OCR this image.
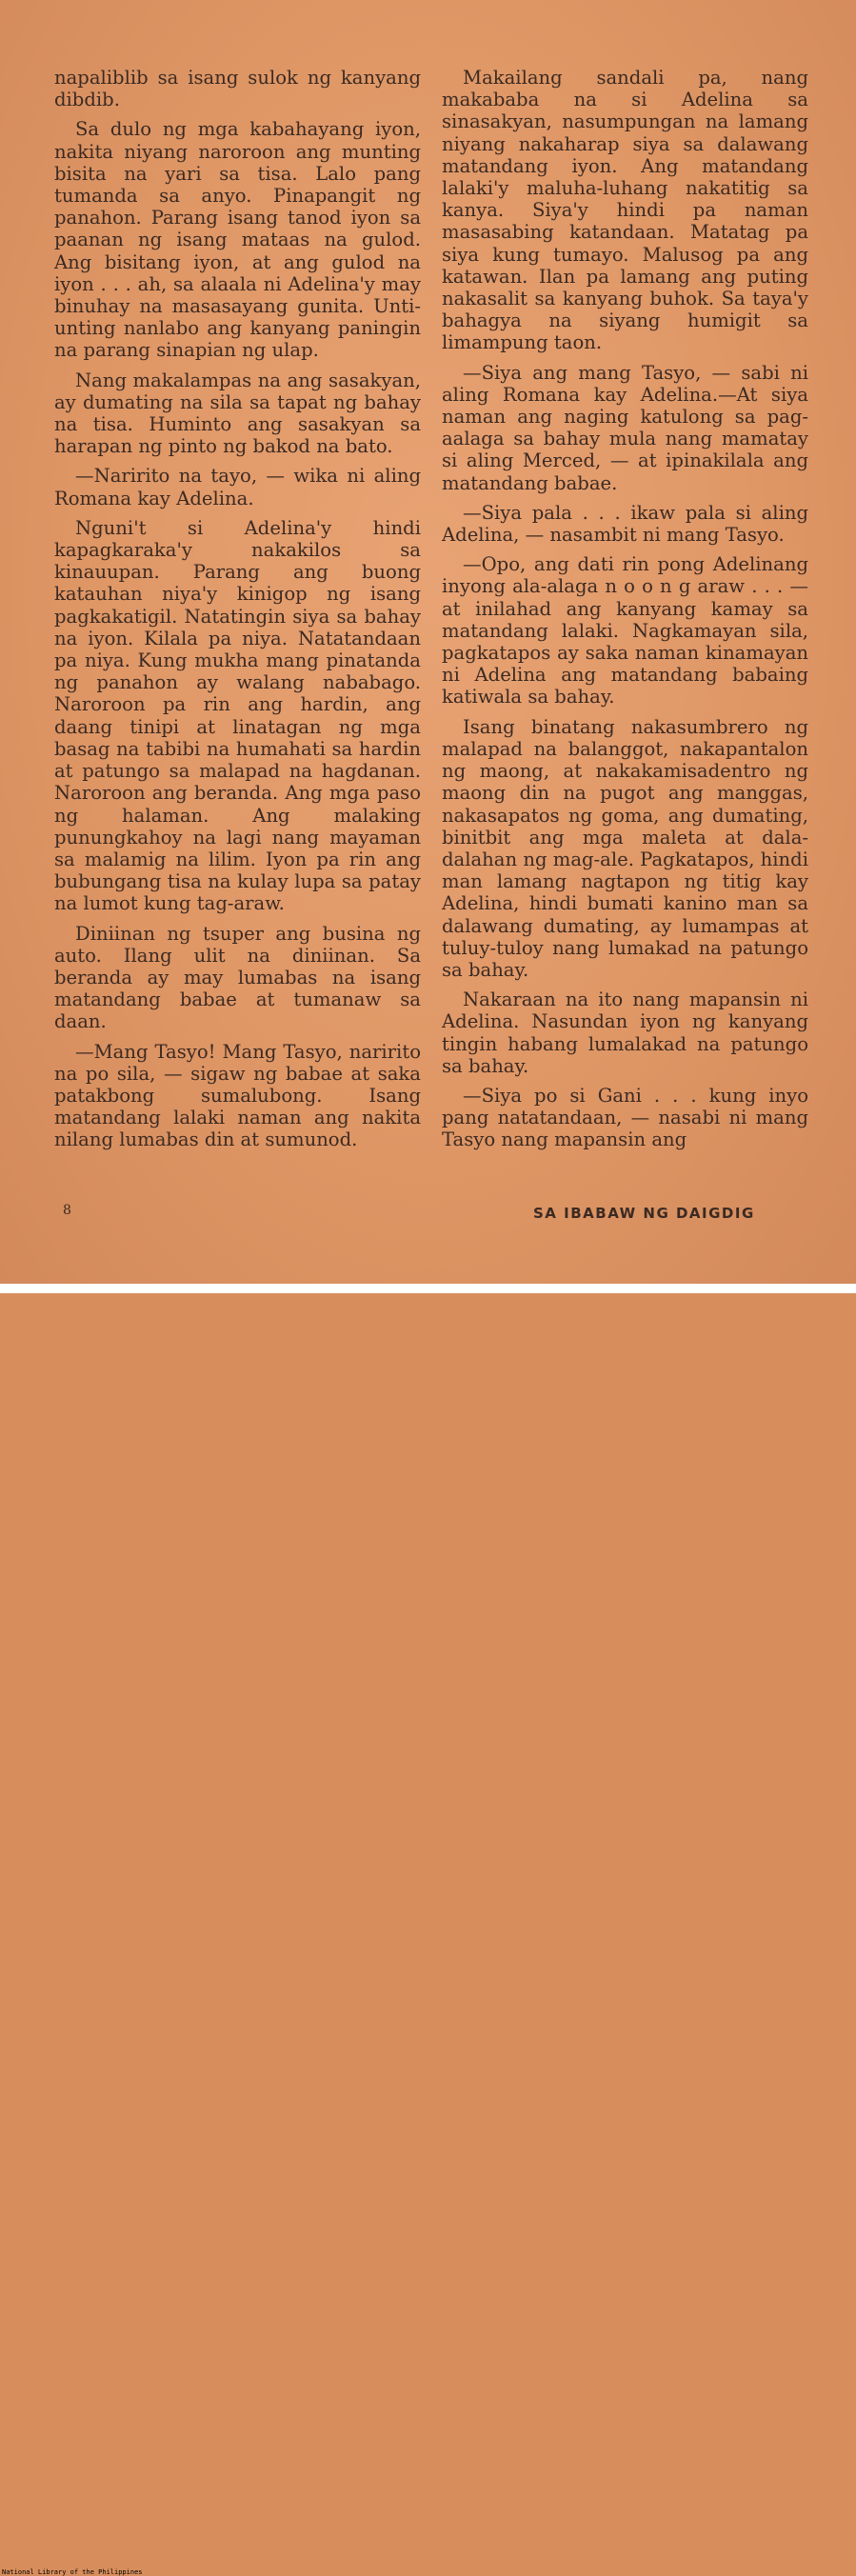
napaliblib sa isang sulok ng kanyang dibdib.

Sa dulo ng mga kabahayang iyon, nakita niyang naroroon ang munting bisita na yari sa tisa. Lalo pang tumanda sa anyo. Pinapangit ng panahon. Parang isang tanod iyon sa paanan ng isang mataas na gulod. Ang bisitang iyon, at ang gulod na iyon . . . ah, sa alaala ni Adelina'y may binuhay na masasayang gunita. Unti-unting nanlabo ang kanyang paningin na parang sinapian ng ulap.

Nang makalampas na ang sasakyan, ay dumating na sila sa tapat ng bahay na tisa. Huminto ang sasakyan sa harapan ng pinto ng bakod na bato.

—Naririto na tayo, — wika ni aling Romana kay Adelina.

Nguni't si Adelina'y hindi kapagkaraka'y nakakilos sa kinauupan. Parang ang buong katauhan niya'y kinigop ng isang pagkakatigil. Natatingin siya sa bahay na iyon. Kilala pa niya. Natatandaan pa niya. Kung mukha mang pinatanda ng panahon ay walang nababago. Naroroon pa rin ang hardin, ang daang tinipi at linatagan ng mga basag na tabibi na humahati sa hardin at patungo sa malapad na hagdanan. Naroroon ang beranda. Ang mga paso ng halaman. Ang malaking punungkahoy na lagi nang mayaman sa malamig na lilim. Iyon pa rin ang bubungang tisa na kulay lupa sa patay na lumot kung tag-araw.

Diniinan ng tsuper ang busina ng auto. Ilang ulit na diniinan. Sa beranda ay may lumabas na isang matandang babae at tumanaw sa daan.

—Mang Tasyo! Mang Tasyo, naririto na po sila, — sigaw ng babae at saka patakbong sumalubong. Isang matandang lalaki naman ang nakita nilang lumabas din at sumunod.

Makailang sandali pa, nang makababa na si Adelina sa sinasakyan, nasumpungan na lamang niyang nakaharap siya sa dalawang matandang iyon. Ang matandang lalaki'y maluha-luhang nakatitig sa kanya. Siya'y hindi pa naman masasabing katandaan. Matatag pa siya kung tumayo. Malusog pa ang katawan. Ilan pa lamang ang puting nakasalit sa kanyang buhok. Sa taya'y bahagya na siyang humigit sa limampung taon.

—Siya ang mang Tasyo, — sabi ni aling Romana kay Adelina.—At siya naman ang naging katulong sa pag-aalaga sa bahay mula nang mamatay si aling Merced, — at ipinakilala ang matandang babae.

—Siya pala . . . ikaw pala si aling Adelina, — nasambit ni mang Tasyo.

—Opo, ang dati rin pong Adelinang inyong ala-alaga n o o n g araw . . . — at inilahad ang kanyang kamay sa matandang lalaki. Nagkamayan sila, pagkatapos ay saka naman kinamayan ni Adelina ang matandang babaing katiwala sa bahay.

Isang binatang nakasumbrero ng malapad na balanggot, nakapantalon ng maong, at nakakamisadentro ng maong din na pugot ang manggas, nakasapatos ng goma, ang dumating, binitbit ang mga maleta at dala-dalahan ng mag-ale. Pagkatapos, hindi man lamang nagtapon ng titig kay Adelina, hindi bumati kanino man sa dalawang dumating, ay lumampas at tuluy-tuloy nang lumakad na patungo sa bahay.

Nakaraan na ito nang mapansin ni Adelina. Nasundan iyon ng kanyang tingin habang lumalakad na patungo sa bahay.

—Siya po si Gani . . . kung inyo pang natatandaan, — nasabi ni mang Tasyo nang mapansin ang

8	SA IBABAW NG DAIGDIG
National Library of the Philippines
